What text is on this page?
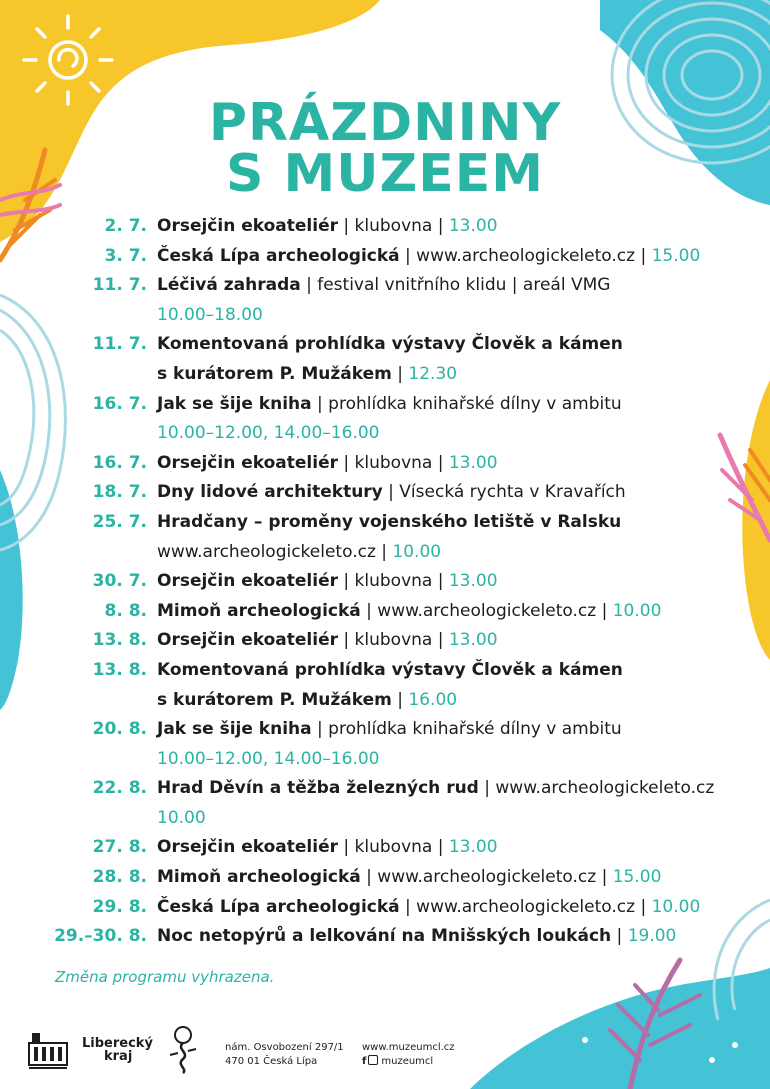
PRÁZDNINY
S MUZEEM
2. 7. Orsejčin ekoateliér | klubovna | 13.00
3. 7. Česká Lípa archeologická | www.archeologickeleto.cz | 15.00
11. 7. Léčivá zahrada | festival vnitřního klidu | areál VMG
10.00–18.00
11. 7. Komentovaná prohlídka výstavy Člověk a kámen
s kurátorem P. Mužákem | 12.30
16. 7. Jak se šije kniha | prohlídka knihařské dílny v ambitu
10.00–12.00, 14.00–16.00
16. 7. Orsejčin ekoateliér | klubovna | 13.00
18. 7. Dny lidové architektury | Vísecká rychta v Kravařích
25. 7. Hradčany – proměny vojenského letiště v Ralsku
www.archeologickeleto.cz | 10.00
30. 7. Orsejčin ekoateliér | klubovna | 13.00
8. 8. Mimoň archeologická | www.archeologickeleto.cz | 10.00
13. 8. Orsejčin ekoateliér | klubovna | 13.00
13. 8. Komentovaná prohlídka výstavy Člověk a kámen
s kurátorem P. Mužákem | 16.00
20. 8. Jak se šije kniha | prohlídka knihařské dílny v ambitu
10.00–12.00, 14.00–16.00
22. 8. Hrad Děvín a těžba železných rud | www.archeologickeleto.cz
10.00
27. 8. Orsejčin ekoateliér | klubovna | 13.00
28. 8. Mimoň archeologická | www.archeologickeleto.cz | 15.00
29. 8. Česká Lípa archeologická | www.archeologickeleto.cz | 10.00
29.–30. 8. Noc netopýrů a lelkování na Mnišských loukách | 19.00
Změna programu vyhrazena.
Liberecký
kraj
nám. Osvobození 297/1
470 01 Česká Lípa
www.muzeumcl.cz
f muzeumcl
